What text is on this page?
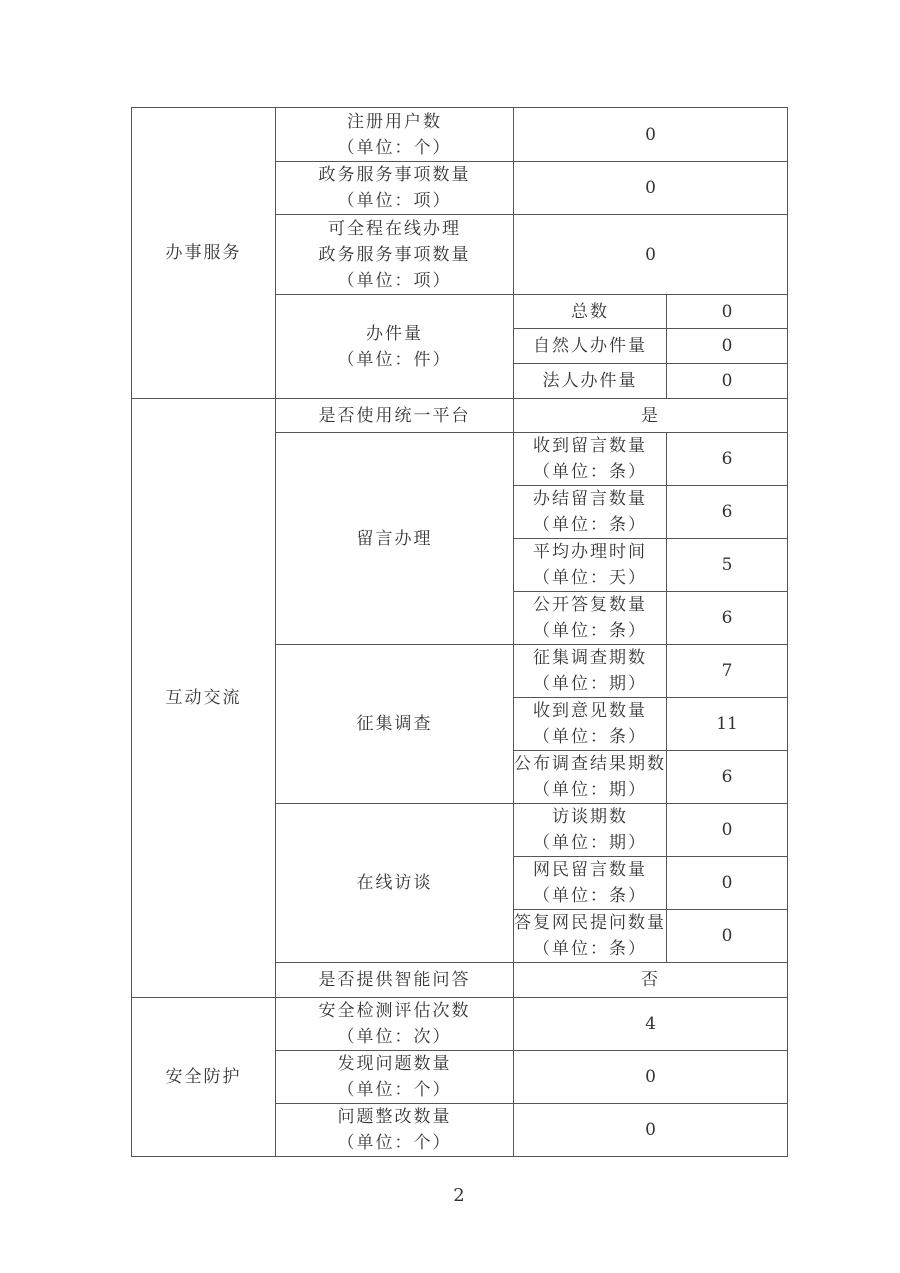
办事服务	注册用户数
（单位：个）	0	

	政务服务事项数量
（单位：项）	0	

	可全程在线办理
政务服务事项数量
（单位：项）	0	

	办件量
（单位：件）	总数	0
		自然人办件量	0
		法人办件量	0

互动交流	是否使用统一平台	是	

	留言办理	收到留言数量
（单位：条）	6

		办结留言数量
（单位：条）	6

		平均办理时间
（单位：天）	5

		公开答复数量
（单位：条）	6

	征集调查	征集调查期数
（单位：期）	7

		收到意见数量
（单位：条）	11

		公布调查结果期数
（单位：期）	6

	在线访谈	访谈期数
（单位：期）	0

		网民留言数量
（单位：条）	0

		答复网民提问数量
（单位：条）	0
	是否提供智能问答	否	

安全防护	安全检测评估次数
（单位：次）	4	

	发现问题数量
（单位：个）	0	

	问题整改数量
（单位：个）	0	
2
